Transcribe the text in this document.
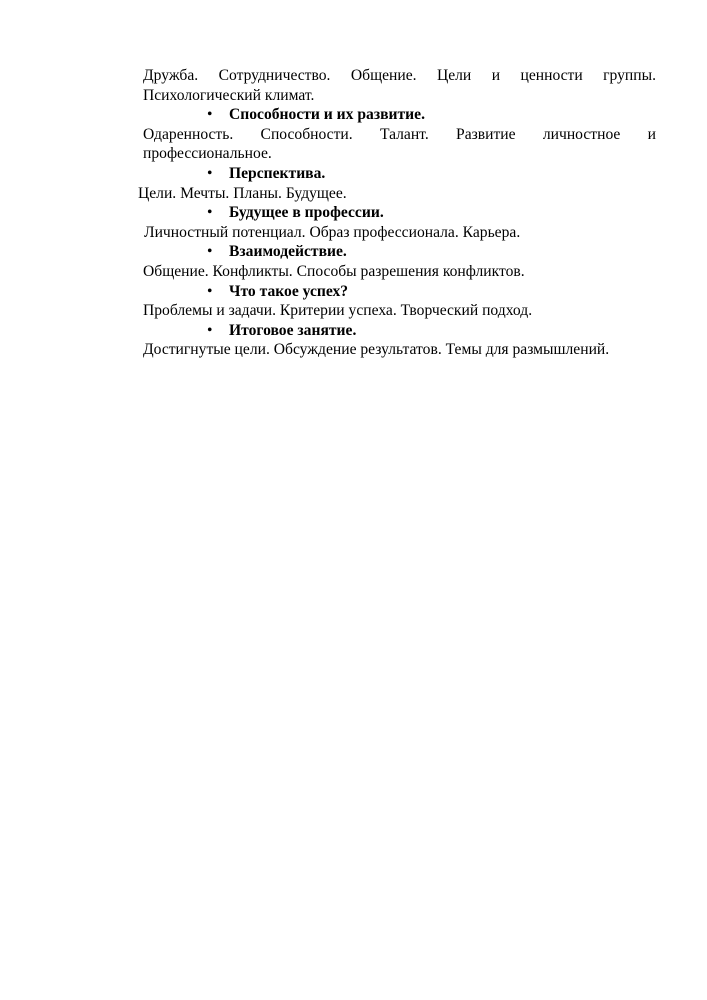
Дружба. Сотрудничество. Общение. Цели и ценности группы. Психологический климат.

• Способности и их развитие.

Одаренность. Способности. Талант. Развитие личностное и профессиональное.

• Перспектива.

Цели. Мечты. Планы. Будущее.

• Будущее в профессии.

Личностный потенциал. Образ профессионала. Карьера.

• Взаимодействие.

Общение. Конфликты. Способы разрешения конфликтов.

• Что такое успех?

Проблемы и задачи. Критерии успеха. Творческий подход.

• Итоговое занятие.

Достигнутые цели. Обсуждение результатов. Темы для размышлений.
